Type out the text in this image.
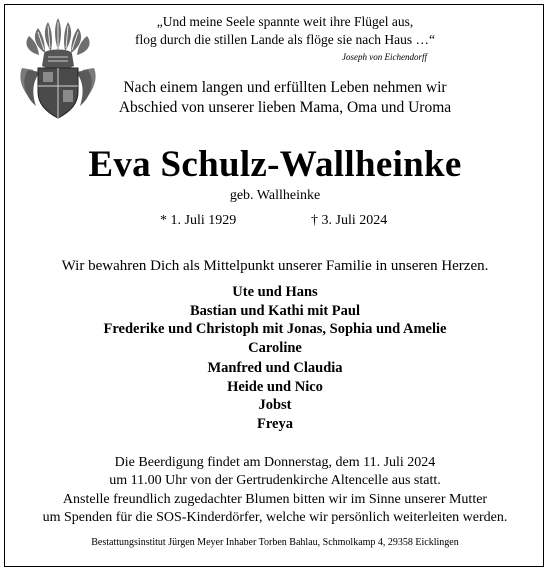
„Und meine Seele spannte weit ihre Flügel aus,
flog durch die stillen Lande als flöge sie nach Haus …“
Joseph von Eichendorff
Nach einem langen und erfüllten Leben nehmen wir
Abschied von unserer lieben Mama, Oma und Uroma
Eva Schulz-Wallheinke
geb. Wallheinke
* 1. Juli 1929	† 3. Juli 2024
Wir bewahren Dich als Mittelpunkt unserer Familie in unseren Herzen.
Ute und Hans
Bastian und Kathi mit Paul
Frederike und Christoph mit Jonas, Sophia und Amelie
Caroline
Manfred und Claudia
Heide und Nico
Jobst
Freya
Die Beerdigung findet am Donnerstag, dem 11. Juli 2024
um 11.00 Uhr von der Gertrudenkirche Altencelle aus statt.
Anstelle freundlich zugedachter Blumen bitten wir im Sinne unserer Mutter
um Spenden für die SOS-Kinderdörfer, welche wir persönlich weiterleiten werden.
Bestattungsinstitut Jürgen Meyer Inhaber Torben Bahlau, Schmolkamp 4, 29358 Eicklingen
